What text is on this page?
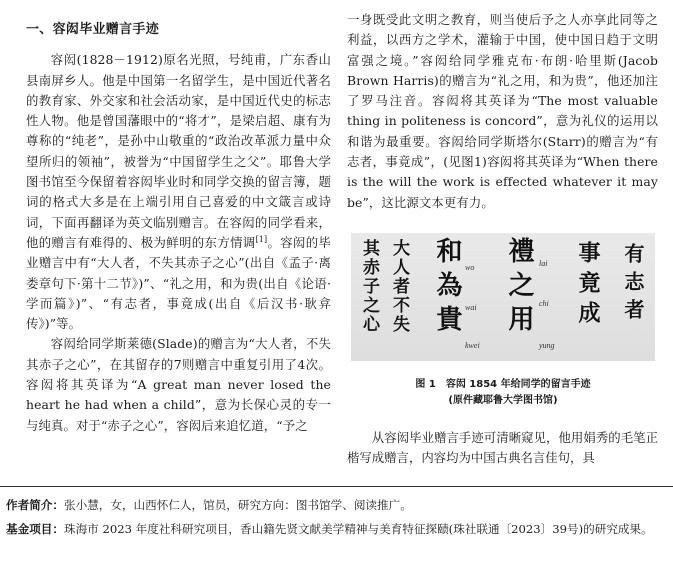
一、容闳毕业赠言手迹

容闳(1828－1912)原名光照，号纯甫，广东香山县南屏乡人。他是中国第一名留学生，是中国近代著名的教育家、外交家和社会活动家，是中国近代史的标志性人物。他是曾国藩眼中的“将才”，是梁启超、康有为尊称的“纯老”，是孙中山敬重的“政治改革派力量中众望所归的领袖”，被誉为“中国留学生之父”。耶鲁大学图书馆至今保留着容闳毕业时和同学交换的留言簿，题词的格式大多是在上端引用自己喜爱的中文箴言或诗词，下面再翻译为英文临别赠言。在容闳的同学看来，他的赠言有难得的、极为鲜明的东方情调[1]。容闳的毕业赠言中有“大人者，不失其赤子之心”(出自《孟子·离娄章句下·第十二节》)”、“礼之用，和为贵(出自《论语·学而篇》)”、“有志者，事竟成(出自《后汉书·耿弇传》)”等。

容闳给同学斯莱德(Slade)的赠言为“大人者，不失其赤子之心”，在其留存的7则赠言中重复引用了4次。容闳将其英译为“A great man never losed the heart he had when a child”，意为长保心灵的专一与纯真。对于“赤子之心”，容闳后来追忆道，“予之

一身既受此文明之教育，则当使后予之人亦享此同等之利益，以西方之学术，灌输于中国，使中国日趋于文明富强之境。”容闳给同学雅克布·布朗·哈里斯(Jacob Brown Harris)的赠言为“礼之用，和为贵”，他还加注了罗马注音。容闳将其英译为“The most valuable thing in politeness is concord”，意为礼仪的运用以和谐为最重要。容闳给同学斯塔尔(Starr)的赠言为“有志者，事竟成”，(见图1)容闳将其英译为“When there is the will the work is effected whatever it may be”，这比源文本更有力。

其赤子之心 大人者不失 和為貴 禮之用 事竟成 有志者
wo
wai
kwei
lai
chi
yung
图 1　容闳 1854 年给同学的留言手迹
(原件藏耶鲁大学图书馆)

从容闳毕业赠言手迹可清晰窥见，他用娟秀的毛笔正楷写成赠言，内容均为中国古典名言佳句，具

作者简介：张小慧，女，山西怀仁人，馆员，研究方向：图书馆学、阅读推广。
基金项目：珠海市 2023 年度社科研究项目，香山籍先贤文献美学精神与美育特征探赜(珠社联通〔2023〕39号)的研究成果。
